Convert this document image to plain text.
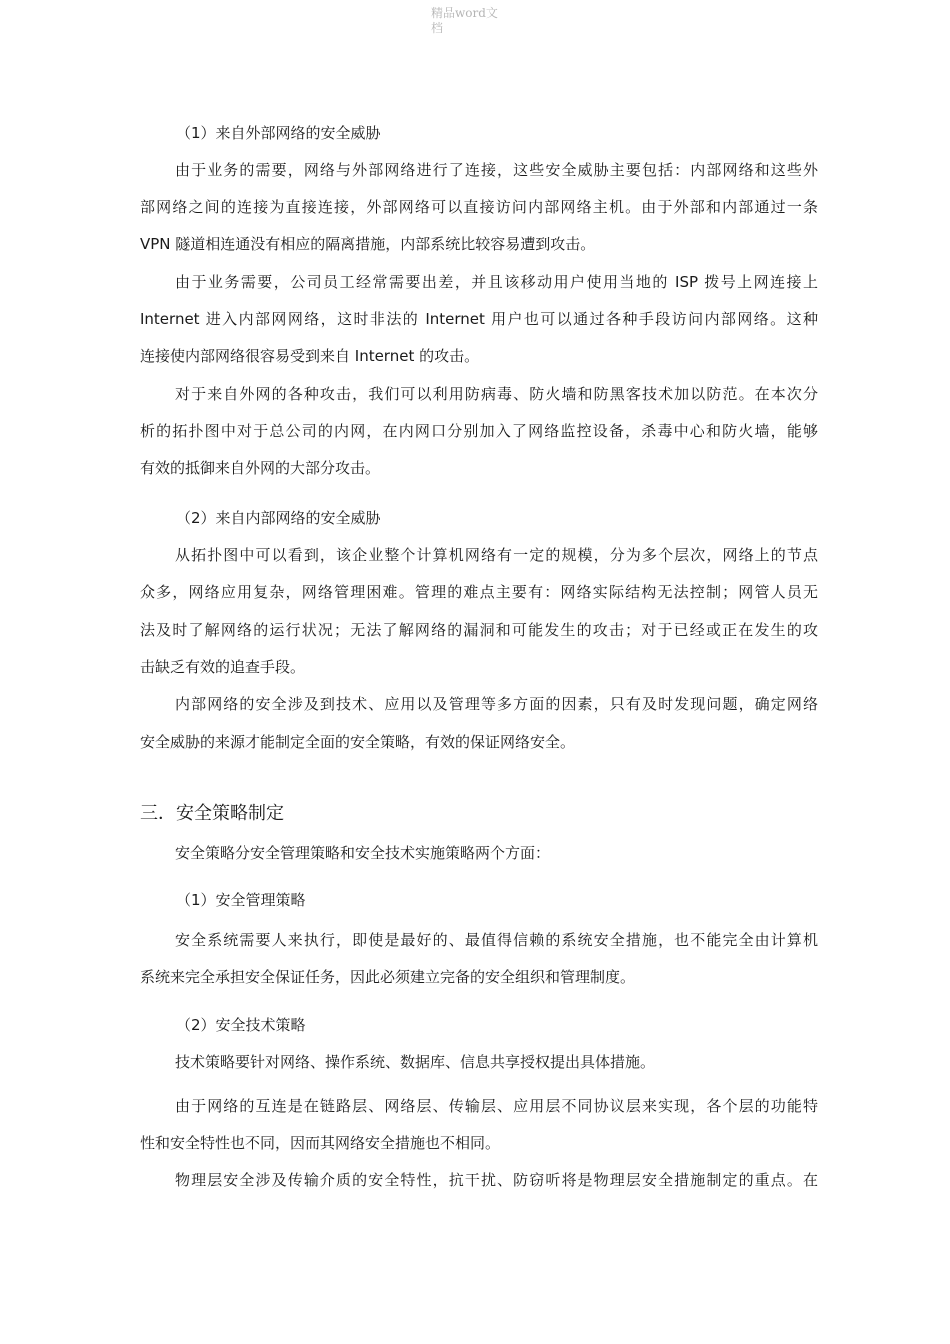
精品word文
档
（1）来自外部网络的安全威胁
由于业务的需要，网络与外部网络进行了连接，这些安全威胁主要包括：内部网络和这些外
部网络之间的连接为直接连接，外部网络可以直接访问内部网络主机。由于外部和内部通过一条
VPN 隧道相连通没有相应的隔离措施，内部系统比较容易遭到攻击。
由于业务需要，公司员工经常需要出差，并且该移动用户使用当地的 ISP 拨号上网连接上
Internet 进入内部网网络，这时非法的 Internet 用户也可以通过各种手段访问内部网络。这种
连接使内部网络很容易受到来自 Internet 的攻击。
对于来自外网的各种攻击，我们可以利用防病毒、防火墙和防黑客技术加以防范。在本次分
析的拓扑图中对于总公司的内网，在内网口分别加入了网络监控设备，杀毒中心和防火墙，能够
有效的抵御来自外网的大部分攻击。
（2）来自内部网络的安全威胁
从拓扑图中可以看到，该企业整个计算机网络有一定的规模，分为多个层次，网络上的节点
众多，网络应用复杂，网络管理困难。管理的难点主要有：网络实际结构无法控制；网管人员无
法及时了解网络的运行状况；无法了解网络的漏洞和可能发生的攻击；对于已经或正在发生的攻
击缺乏有效的追查手段。
内部网络的安全涉及到技术、应用以及管理等多方面的因素，只有及时发现问题，确定网络
安全威胁的来源才能制定全面的安全策略，有效的保证网络安全。
三．安全策略制定
安全策略分安全管理策略和安全技术实施策略两个方面：
（1）安全管理策略
安全系统需要人来执行，即使是最好的、最值得信赖的系统安全措施，也不能完全由计算机
系统来完全承担安全保证任务，因此必须建立完备的安全组织和管理制度。
（2）安全技术策略
技术策略要针对网络、操作系统、数据库、信息共享授权提出具体措施。
由于网络的互连是在链路层、网络层、传输层、应用层不同协议层来实现，各个层的功能特
性和安全特性也不同，因而其网络安全措施也不相同。
物理层安全涉及传输介质的安全特性，抗干扰、防窃听将是物理层安全措施制定的重点。在
